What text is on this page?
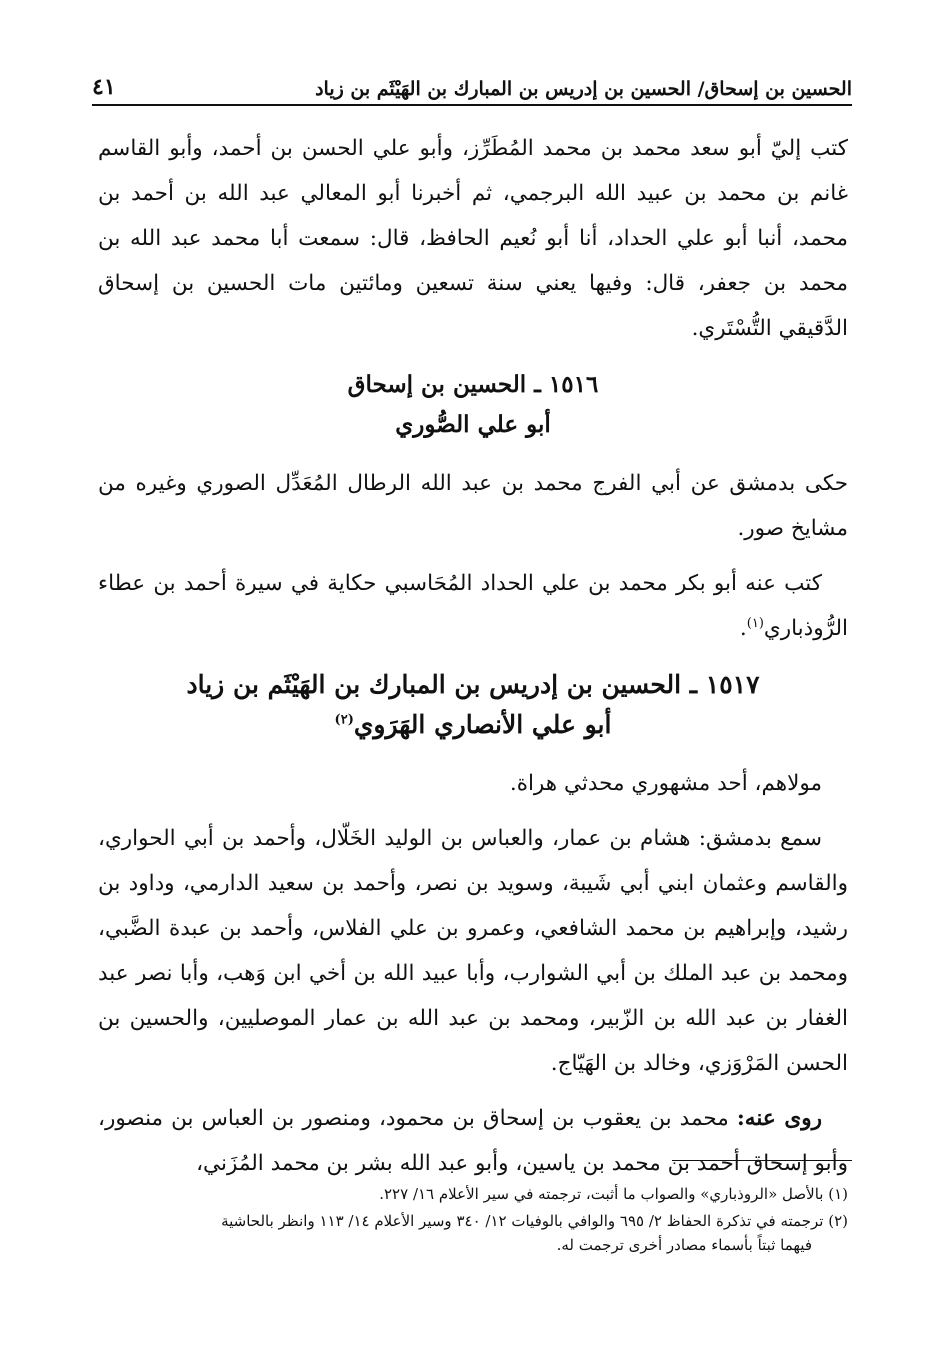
٤١	الحسين بن إسحاق/ الحسين بن إدريس بن المبارك بن الهَيْثَم بن زياد

كتب إليّ أبو سعد محمد بن محمد المُطَرِّز، وأبو علي الحسن بن أحمد، وأبو القاسم غانم بن محمد بن عبيد الله البرجمي، ثم أخبرنا أبو المعالي عبد الله بن أحمد بن محمد، أنبا أبو علي الحداد، أنا أبو نُعيم الحافظ، قال: سمعت أبا محمد عبد الله بن محمد بن جعفر، قال: وفيها يعني سنة تسعين ومائتين مات الحسين بن إسحاق الدَّقيقي التُّسْتَري.

١٥١٦ ـ الحسين بن إسحاق

أبو علي الصُّوري

حكى بدمشق عن أبي الفرج محمد بن عبد الله الرطال المُعَدِّل الصوري وغيره من مشايخ صور.

كتب عنه أبو بكر محمد بن علي الحداد المُحَاسبي حكاية في سيرة أحمد بن عطاء الرُّوذباري$^{(١)}$.

١٥١٧ ـ الحسين بن إدريس بن المبارك بن الهَيْثَم بن زياد

أبو علي الأنصاري الهَرَوي$^{(٢)}$

مولاهم، أحد مشهوري محدثي هراة.

سمع بدمشق: هشام بن عمار، والعباس بن الوليد الخَلّال، وأحمد بن أبي الحواري، والقاسم وعثمان ابني أبي شَيبة، وسويد بن نصر، وأحمد بن سعيد الدارمي، وداود بن رشيد، وإبراهيم بن محمد الشافعي، وعمرو بن علي الفلاس، وأحمد بن عبدة الضَّبي، ومحمد بن عبد الملك بن أبي الشوارب، وأبا عبيد الله بن أخي ابن وَهب، وأبا نصر عبد الغفار بن عبد الله بن الزّبير، ومحمد بن عبد الله بن عمار الموصليين، والحسين بن الحسن المَرْوَزي، وخالد بن الهَيّاج.

روى عنه: محمد بن يعقوب بن إسحاق بن محمود، ومنصور بن العباس بن منصور، وأبو إسحاق أحمد بن محمد بن ياسين، وأبو عبد الله بشر بن محمد المُزَني،

(١) بالأصل «الروذباري» والصواب ما أثبت، ترجمته في سير الأعلام ١٦/ ٢٢٧.

(٢) ترجمته في تذكرة الحفاظ ٢/ ٦٩٥ والوافي بالوفيات ١٢/ ٣٤٠ وسير الأعلام ١٤/ ١١٣ وانظر بالحاشية
فيهما ثبتاً بأسماء مصادر أخرى ترجمت له.
